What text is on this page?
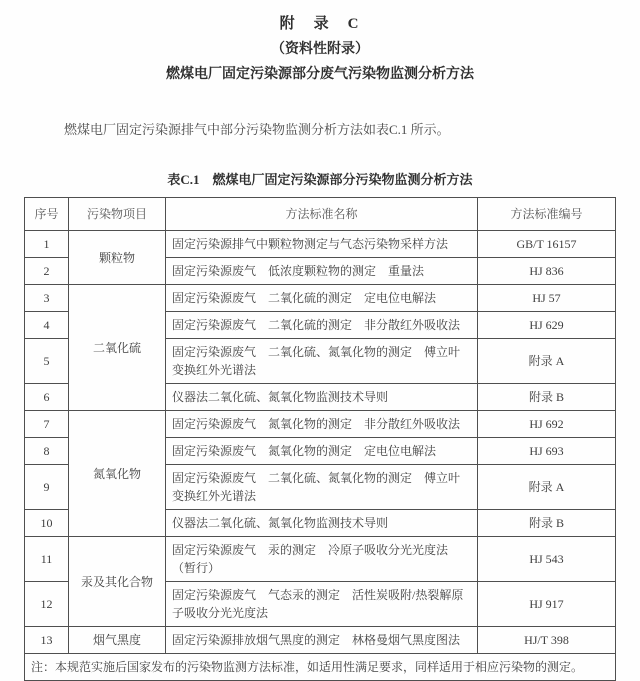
附　录　C
（资料性附录）
燃煤电厂固定污染源部分废气污染物监测分析方法

燃煤电厂固定污染源排气中部分污染物监测分析方法如表C.1 所示。

表C.1　燃煤电厂固定污染源部分污染物监测分析方法
序号	污染物项目	方法标准名称	方法标准编号
1	颗粒物	固定污染源排气中颗粒物测定与气态污染物采样方法	GB/T 16157
2		固定污染源废气　低浓度颗粒物的测定　重量法	HJ 836
3	二氧化硫	固定污染源废气　二氧化硫的测定　定电位电解法	HJ 57
4		固定污染源废气　二氧化硫的测定　非分散红外吸收法	HJ 629
5		固定污染源废气　二氧化硫、氮氧化物的测定　傅立叶变换红外光谱法	附录 A
6		仪器法二氧化硫、氮氧化物监测技术导则	附录 B
7	氮氧化物	固定污染源废气　氮氧化物的测定　非分散红外吸收法	HJ 692
8		固定污染源废气　氮氧化物的测定　定电位电解法	HJ 693
9		固定污染源废气　二氧化硫、氮氧化物的测定　傅立叶变换红外光谱法	附录 A
10		仪器法二氧化硫、氮氧化物监测技术导则	附录 B
11	汞及其化合物	固定污染源废气　汞的测定　冷原子吸收分光光度法（暂行）	HJ 543
12		固定污染源废气　气态汞的测定　活性炭吸附/热裂解原子吸收分光光度法	HJ 917
13	烟气黑度	固定污染源排放烟气黑度的测定　林格曼烟气黑度图法	HJ/T 398
注：本规范实施后国家发布的污染物监测方法标准，如适用性满足要求，同样适用于相应污染物的测定。			
